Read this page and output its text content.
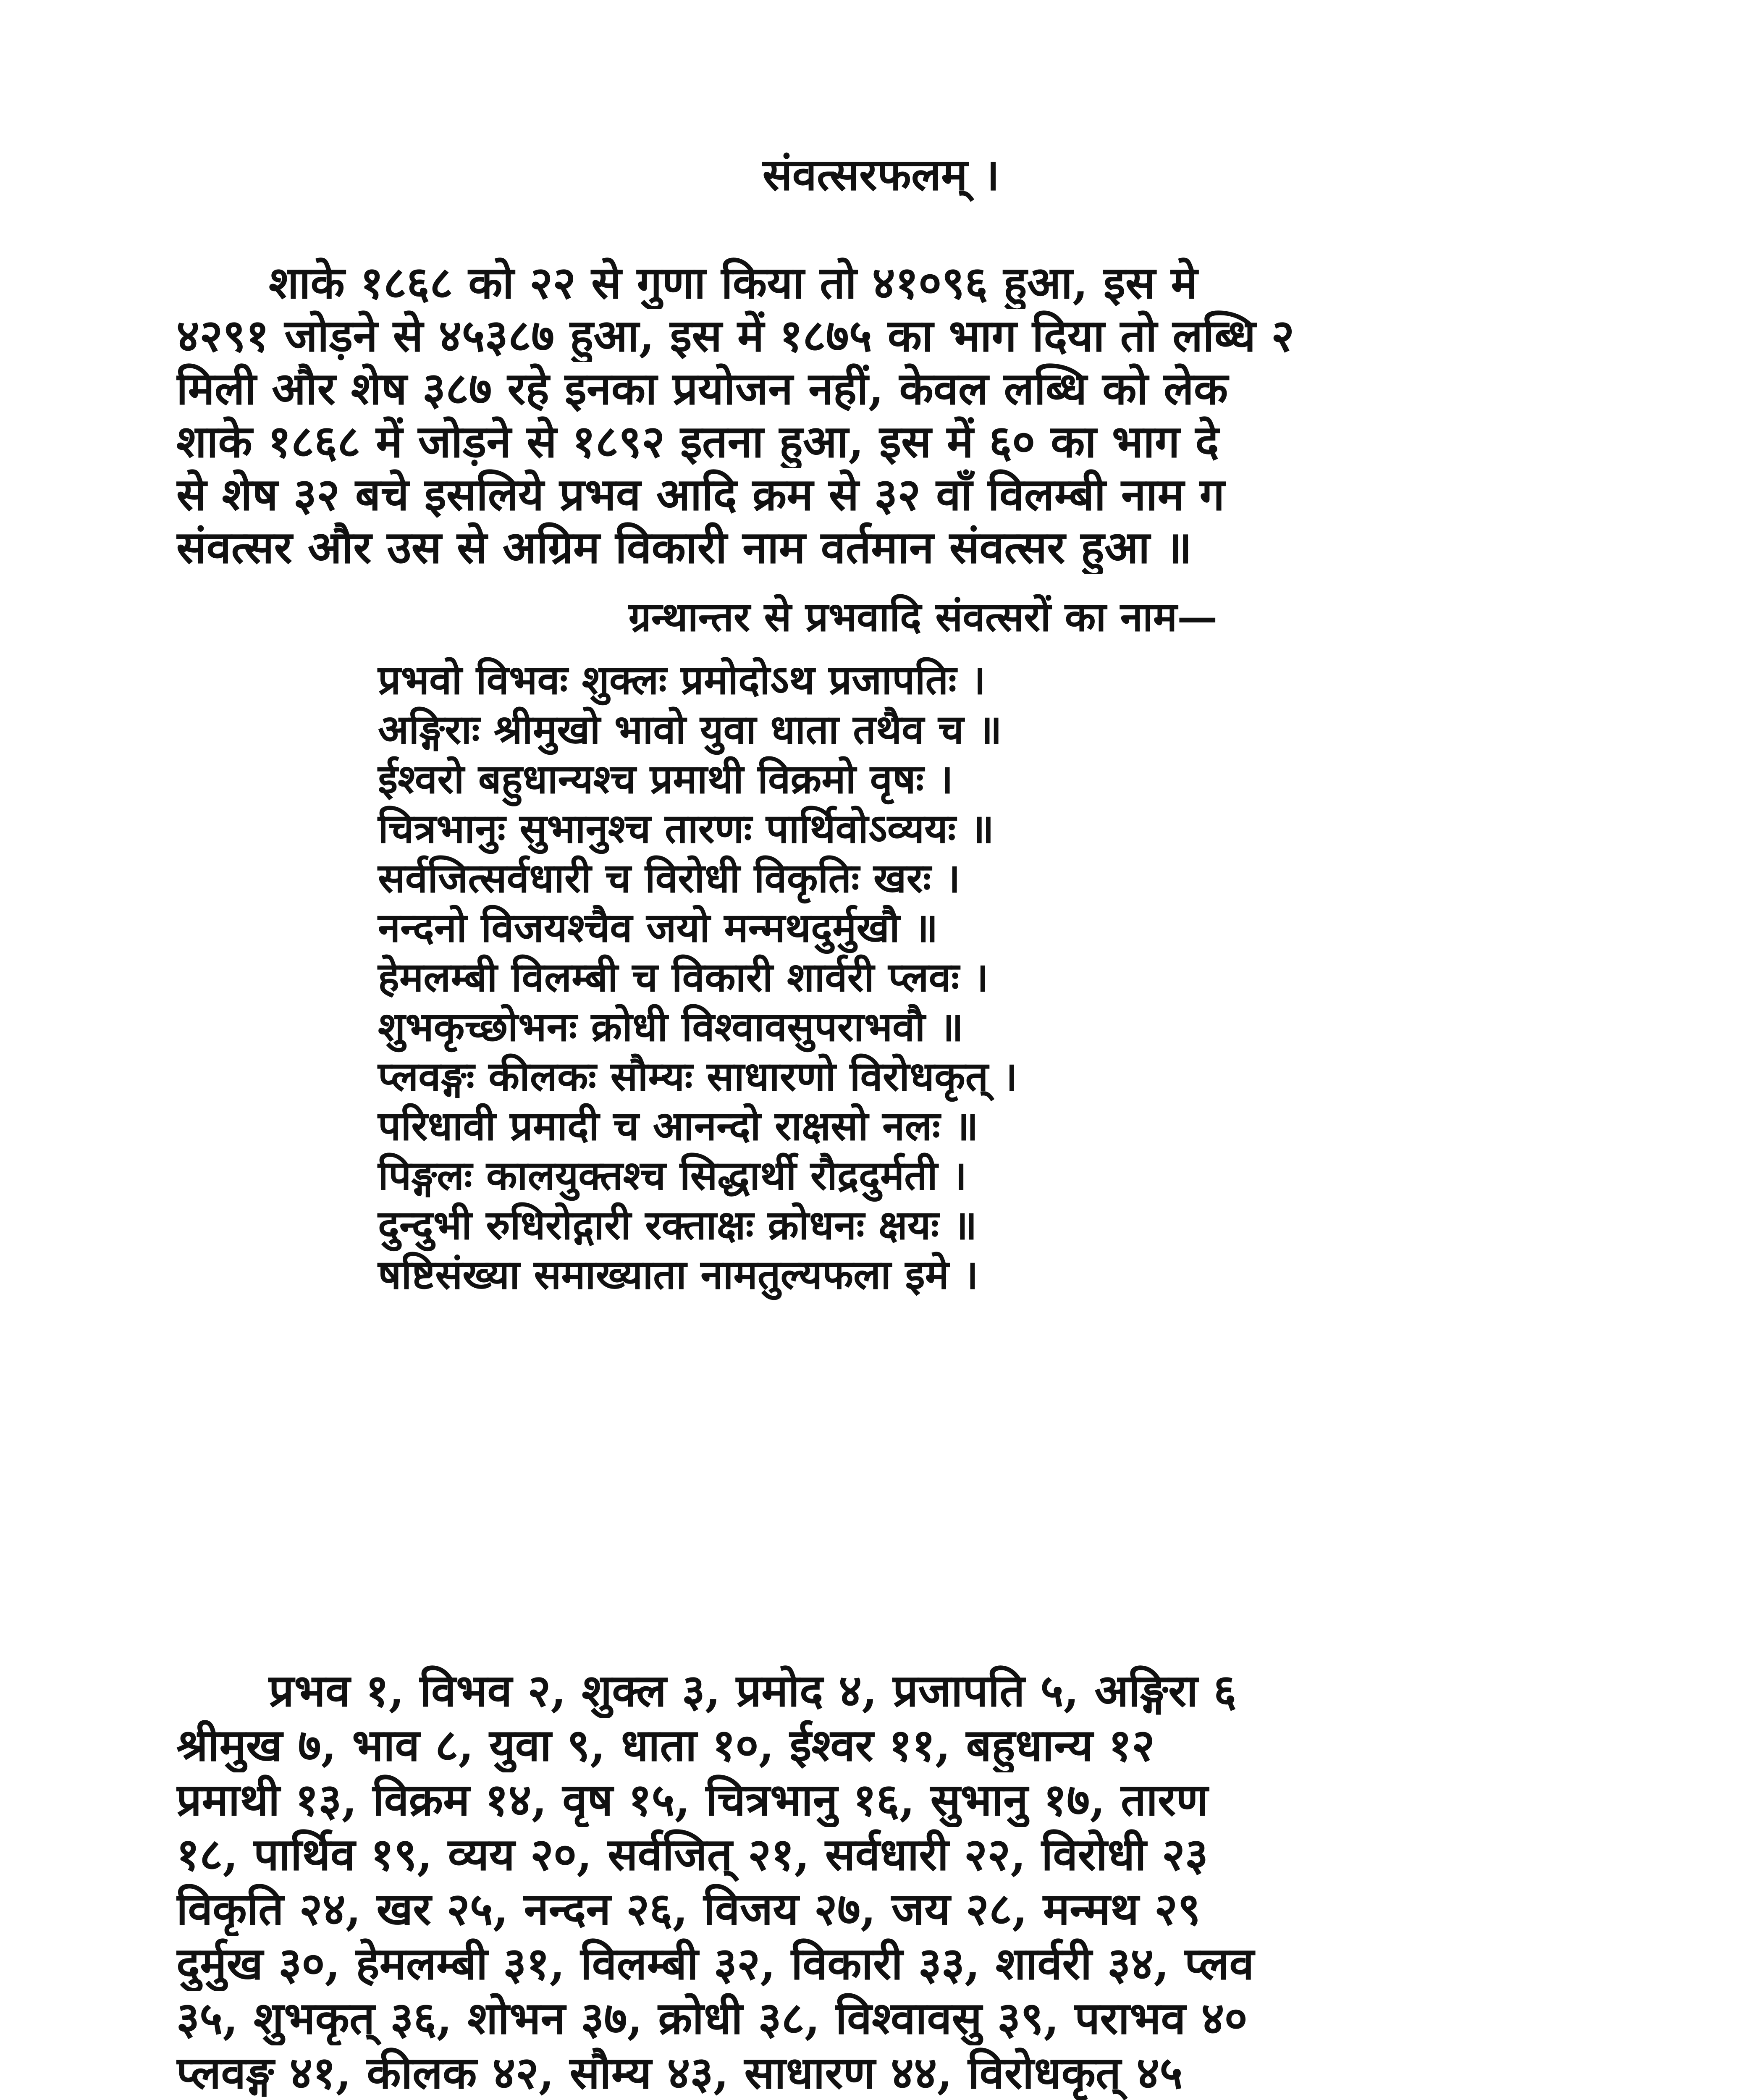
संवत्सरफलम् ।
शाके १८६८ को २२ से गुणा किया तो ४१०९६ हुआ, इस मे
४२९१ जोड़ने से ४५३८७ हुआ, इस में १८७५ का भाग दिया तो लब्धि २
मिली और शेष ३८७ रहे इनका प्रयोजन नहीं, केवल लब्धि को लेक
शाके १८६८ में जोड़ने से १८९२ इतना हुआ, इस में ६० का भाग दे
से शेष ३२ बचे इसलिये प्रभव आदि क्रम से ३२ वाँ विलम्बी नाम ग
संवत्सर और उस से अग्रिम विकारी नाम वर्तमान संवत्सर हुआ ॥
ग्रन्थान्तर से प्रभवादि संवत्सरों का नाम—
प्रभवो विभवः शुक्लः प्रमोदोऽथ प्रजापतिः ।
अङ्गिराः श्रीमुखो भावो युवा धाता तथैव च ॥
ईश्वरो बहुधान्यश्च प्रमाथी विक्रमो वृषः ।
चित्रभानुः सुभानुश्च तारणः पार्थिवोऽव्ययः ॥
सर्वजित्सर्वधारी च विरोधी विकृतिः खरः ।
नन्दनो विजयश्चैव जयो मन्मथदुर्मुखौ ॥
हेमलम्बी विलम्बी च विकारी शार्वरी प्लवः ।
शुभकृच्छोभनः क्रोधी विश्वावसुपराभवौ ॥
प्लवङ्गः कीलकः सौम्यः साधारणो विरोधकृत् ।
परिधावी प्रमादी च आनन्दो राक्षसो नलः ॥
पिङ्गलः कालयुक्तश्च सिद्धार्थी रौद्रदुर्मती ।
दुन्दुभी रुधिरोद्गारी रक्ताक्षः क्रोधनः क्षयः ॥
षष्टिसंख्या समाख्याता नामतुल्यफला इमे ।
प्रभव १, विभव २, शुक्ल ३, प्रमोद ४, प्रजापति ५, अङ्गिरा ६
श्रीमुख ७, भाव ८, युवा ९, धाता १०, ईश्वर ११, बहुधान्य १२
प्रमाथी १३, विक्रम १४, वृष १५, चित्रभानु १६, सुभानु १७, तारण
१८, पार्थिव १९, व्यय २०, सर्वजित् २१, सर्वधारी २२, विरोधी २३
विकृति २४, खर २५, नन्दन २६, विजय २७, जय २८, मन्मथ २९
दुर्मुख ३०, हेमलम्बी ३१, विलम्बी ३२, विकारी ३३, शार्वरी ३४, प्लव
३५, शुभकृत् ३६, शोभन ३७, क्रोधी ३८, विश्वावसु ३९, पराभव ४०
प्लवङ्ग ४१, कीलक ४२, सौम्य ४३, साधारण ४४, विरोधकृत् ४५
